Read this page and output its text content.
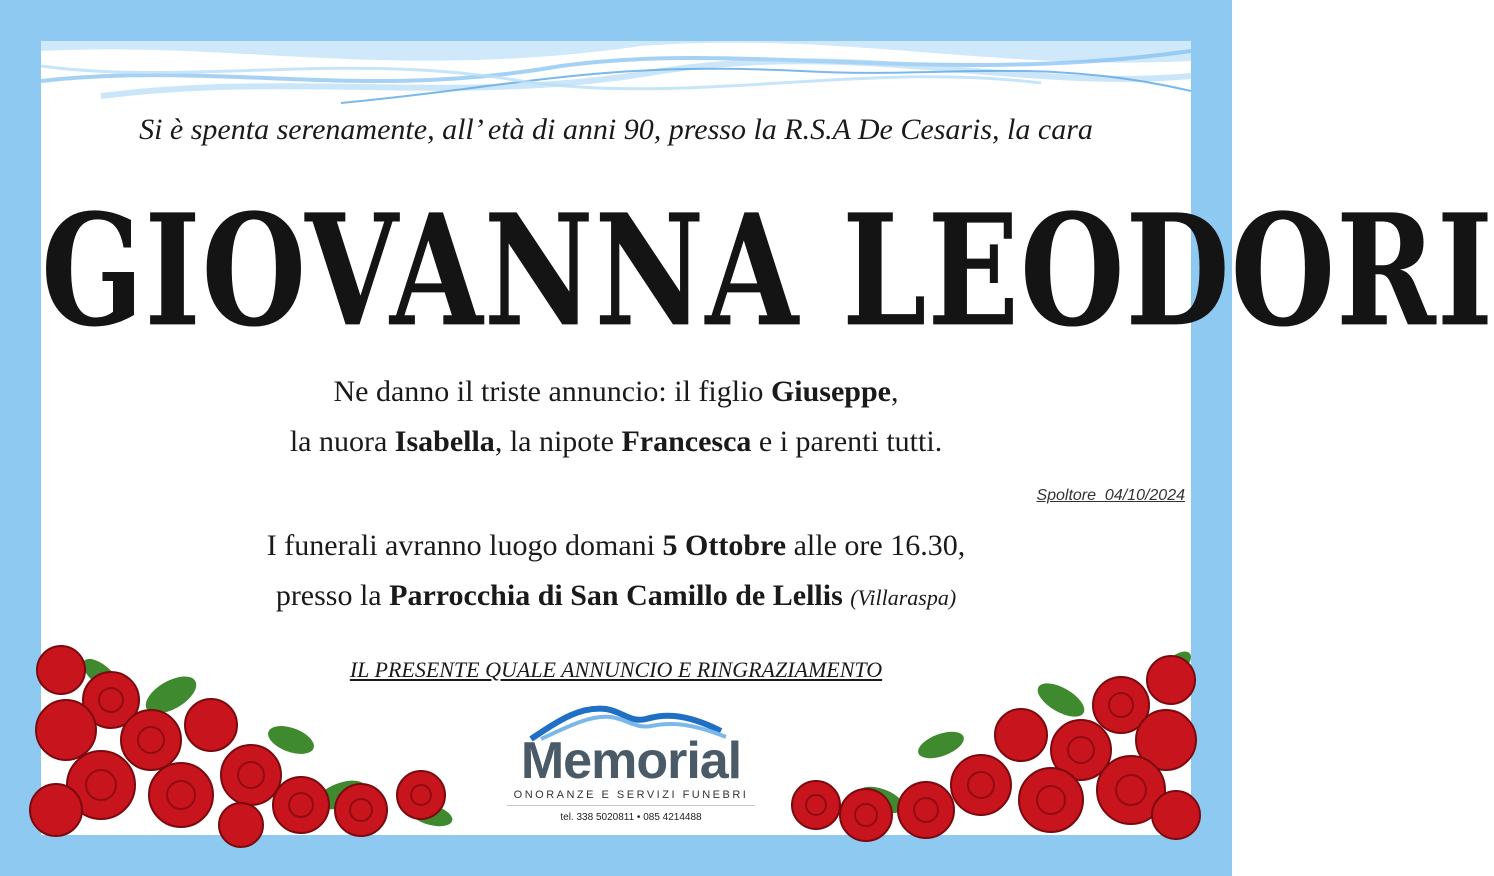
Si è spenta serenamente, all’ età di anni 90, presso la R.S.A De Cesaris, la cara
GIOVANNA LEODORI
Ne danno il triste annuncio: il figlio Giuseppe,
la nuora Isabella, la nipote Francesca e i parenti tutti.
Spoltore  04/10/2024
I funerali avranno luogo domani 5 Ottobre alle ore 16.30,
presso la Parrocchia di San Camillo de Lellis (Villaraspa)
IL PRESENTE QUALE ANNUNCIO E RINGRAZIAMENTO
Memorial
ONORANZE E SERVIZI FUNEBRI
tel. 338 5020811 • 085 4214488
